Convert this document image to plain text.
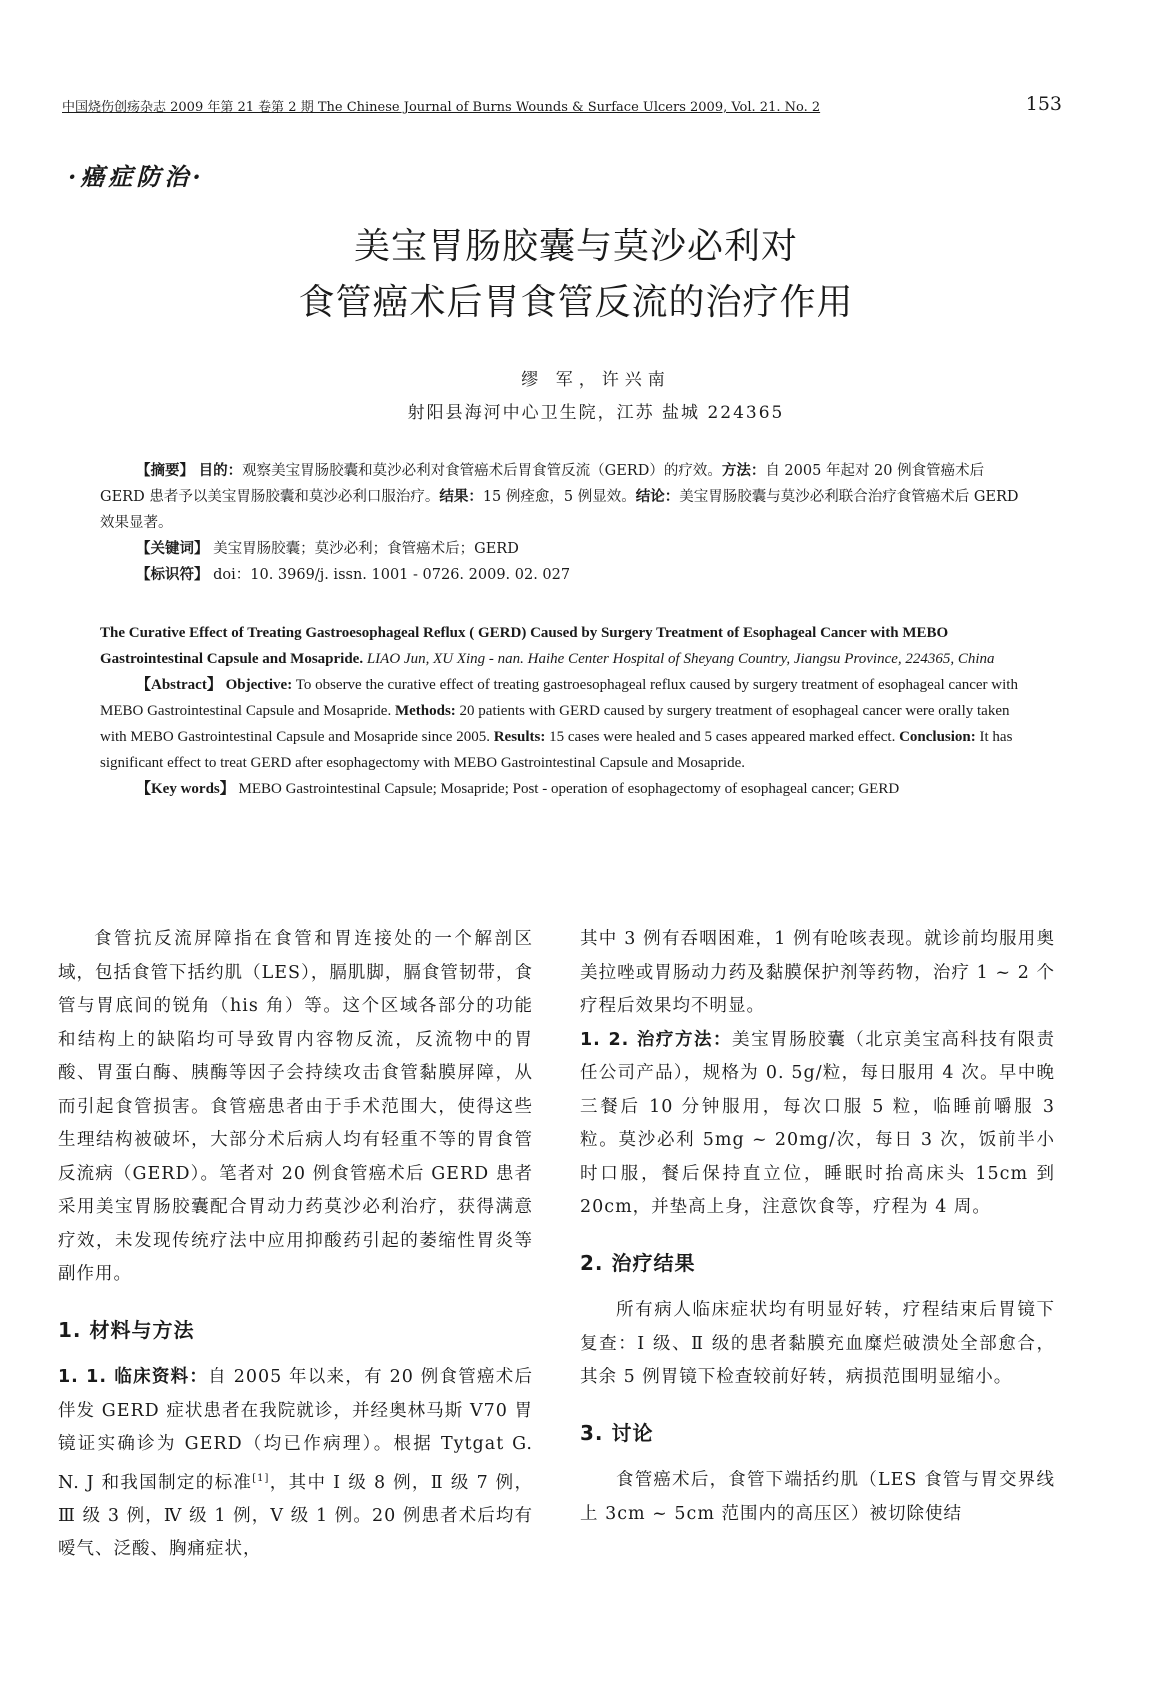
中国烧伤创疡杂志 2009 年第 21 卷第 2 期 The Chinese Journal of Burns Wounds & Surface Ulcers 2009, Vol. 21. No. 2	153
·癌症防治·
美宝胃肠胶囊与莫沙必利对
食管癌术后胃食管反流的治疗作用
缪 军，许兴南
射阳县海河中心卫生院，江苏 盐城 224365
【摘要】 目的：观察美宝胃肠胶囊和莫沙必利对食管癌术后胃食管反流（GERD）的疗效。方法：自 2005 年起对 20 例食管癌术后 GERD 患者予以美宝胃肠胶囊和莫沙必利口服治疗。结果：15 例痊愈，5 例显效。结论：美宝胃肠胶囊与莫沙必利联合治疗食管癌术后 GERD 效果显著。
【关键词】 美宝胃肠胶囊；莫沙必利；食管癌术后；GERD
【标识符】 doi：10. 3969/j. issn. 1001 - 0726. 2009. 02. 027
The Curative Effect of Treating Gastroesophageal Reflux ( GERD) Caused by Surgery Treatment of Esophageal Cancer with MEBO Gastrointestinal Capsule and Mosapride. LIAO Jun, XU Xing - nan. Haihe Center Hospital of Sheyang Country, Jiangsu Province, 224365, China
【Abstract】 Objective: To observe the curative effect of treating gastroesophageal reflux caused by surgery treatment of esophageal cancer with MEBO Gastrointestinal Capsule and Mosapride. Methods: 20 patients with GERD caused by surgery treatment of esophageal cancer were orally taken with MEBO Gastrointestinal Capsule and Mosapride since 2005. Results: 15 cases were healed and 5 cases appeared marked effect. Conclusion: It has significant effect to treat GERD after esophagectomy with MEBO Gastrointestinal Capsule and Mosapride.
【Key words】 MEBO Gastrointestinal Capsule; Mosapride; Post - operation of esophagectomy of esophageal cancer; GERD

食管抗反流屏障指在食管和胃连接处的一个解剖区域，包括食管下括约肌（LES），膈肌脚，膈食管韧带，食管与胃底间的锐角（his 角）等。这个区域各部分的功能和结构上的缺陷均可导致胃内容物反流，反流物中的胃酸、胃蛋白酶、胰酶等因子会持续攻击食管黏膜屏障，从而引起食管损害。食管癌患者由于手术范围大，使得这些生理结构被破坏，大部分术后病人均有轻重不等的胃食管反流病（GERD）。笔者对 20 例食管癌术后 GERD 患者采用美宝胃肠胶囊配合胃动力药莫沙必利治疗，获得满意疗效，未发现传统疗法中应用抑酸药引起的萎缩性胃炎等副作用。

1. 材料与方法

1. 1. 临床资料：自 2005 年以来，有 20 例食管癌术后伴发 GERD 症状患者在我院就诊，并经奥林马斯 V70 胃镜证实确诊为 GERD（均已作病理）。根据 Tytgat G. N. J 和我国制定的标准[1]，其中 Ⅰ 级 8 例，Ⅱ 级 7 例，Ⅲ 级 3 例，Ⅳ 级 1 例，Ⅴ 级 1 例。20 例患者术后均有嗳气、泛酸、胸痛症状，

其中 3 例有吞咽困难，1 例有呛咳表现。就诊前均服用奥美拉唑或胃肠动力药及黏膜保护剂等药物，治疗 1 ~ 2 个疗程后效果均不明显。

1. 2. 治疗方法：美宝胃肠胶囊（北京美宝高科技有限责任公司产品），规格为 0. 5g/粒，每日服用 4 次。早中晚三餐后 10 分钟服用，每次口服 5 粒，临睡前嚼服 3 粒。莫沙必利 5mg ~ 20mg/次，每日 3 次，饭前半小时口服，餐后保持直立位，睡眠时抬高床头 15cm 到 20cm，并垫高上身，注意饮食等，疗程为 4 周。

2. 治疗结果

所有病人临床症状均有明显好转，疗程结束后胃镜下复查：Ⅰ 级、Ⅱ 级的患者黏膜充血糜烂破溃处全部愈合，其余 5 例胃镜下检查较前好转，病损范围明显缩小。

3. 讨论

食管癌术后，食管下端括约肌（LES 食管与胃交界线上 3cm ~ 5cm 范围内的高压区）被切除使结
